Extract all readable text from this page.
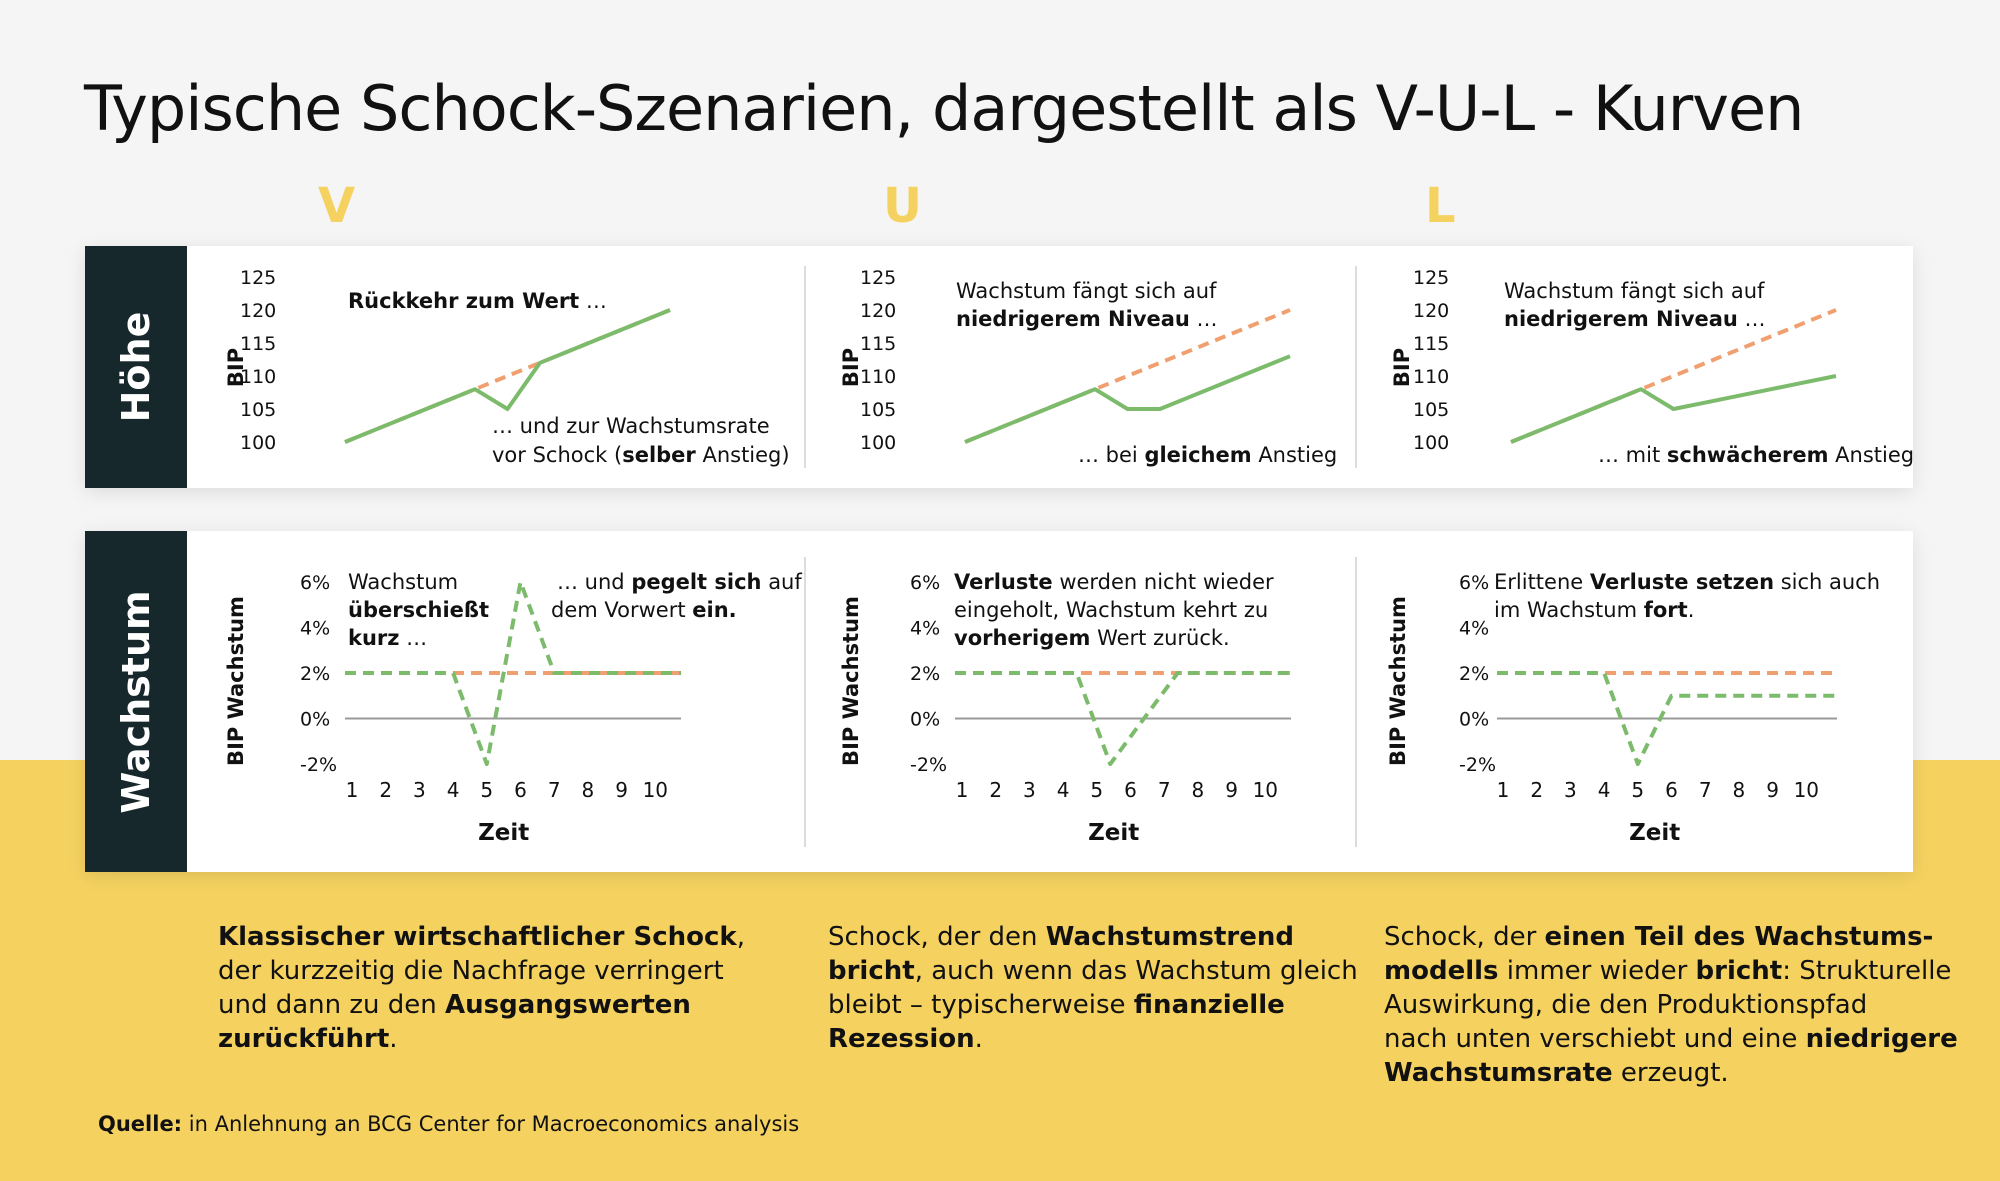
Typische Schock-Szenarien, dargestellt als V-U-L - Kurven
V	U	L
Höhe
Wachstum
100
105
110
115
120
125
BIP
Rückkehr zum Wert …
… und zur Wachstumsrate
vor Schock (selber Anstieg)	100
105
110
115
120
125
BIP
Wachstum fängt sich auf
niedrigerem Niveau …
… bei gleichem Anstieg	100
105
110
115
120
125
BIP
Wachstum fängt sich auf
niedrigerem Niveau …
… mit schwächerem Anstieg
-2%
0%
2%
4%
6%
BIP Wachstum
1 2 3 4 5 6 7 8 9 10
Zeit
Wachstum
überschießt
kurz …
… und pegelt sich auf
dem Vorwert ein.
-2%
0%
2%
4%
6%
BIP Wachstum
1 2 3 4 5 6 7 8 9 10
Zeit
Verluste werden nicht wieder
eingeholt, Wachstum kehrt zu
vorherigem Wert zurück.
-2%
0%
2%
4%
6%
BIP Wachstum
1 2 3 4 5 6 7 8 9 10
Zeit
Erlittene Verluste setzen sich auch
im Wachstum fort.
Klassischer wirtschaftlicher Schock,
der kurzzeitig die Nachfrage verringert
und dann zu den Ausgangswerten
zurückführt.
Schock, der den Wachstumstrend
bricht, auch wenn das Wachstum gleich
bleibt – typischerweise finanzielle
Rezession.
Schock, der einen Teil des Wachstums-
modells immer wieder bricht: Strukturelle
Auswirkung, die den Produktionspfad
nach unten verschiebt und eine niedrigere
Wachstumsrate erzeugt.

Quelle: in Anlehnung an BCG Center for Macroeconomics analysis
